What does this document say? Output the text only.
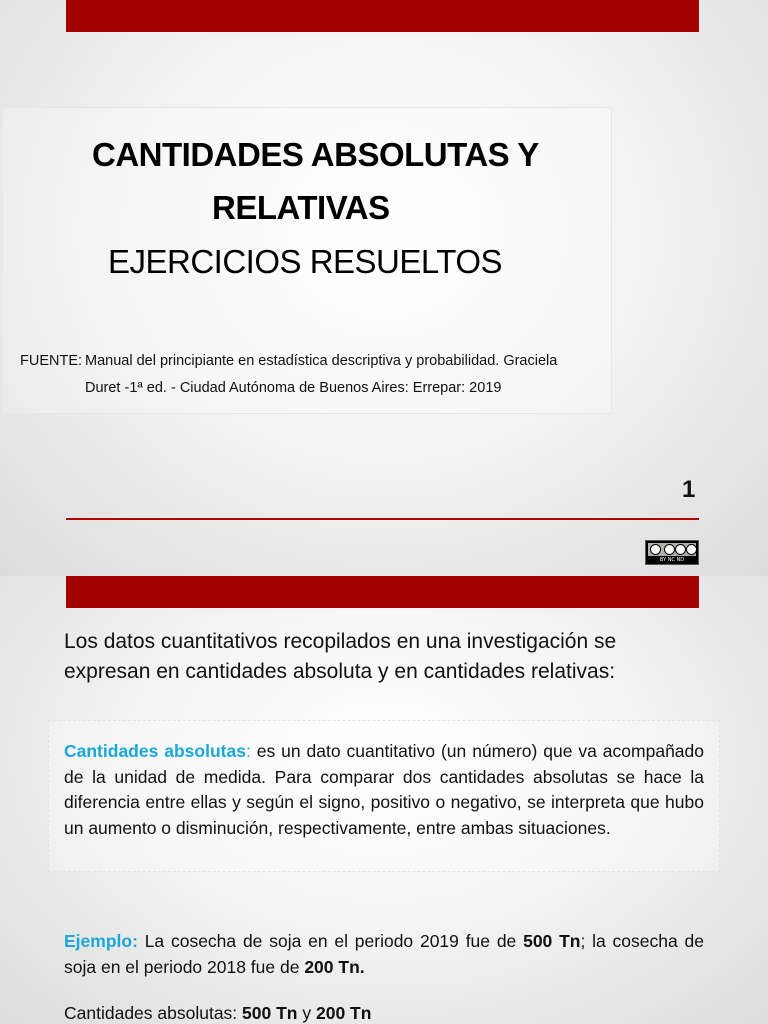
CANTIDADES ABSOLUTAS Y
RELATIVAS
EJERCICIOS RESUELTOS
FUENTE: Manual del principiante en estadística descriptiva y probabilidad. Graciela
Duret -1ª ed. - Ciudad Autónoma de Buenos Aires: Errepar: 2019
1
BY NC ND
Los datos cuantitativos recopilados en una investigación se expresan en cantidades absoluta y en cantidades relativas:
Cantidades absolutas: es un dato cuantitativo (un número) que va acompañado de la unidad de medida. Para comparar dos cantidades absolutas se hace la diferencia entre ellas y según el signo, positivo o negativo, se interpreta que hubo un aumento o disminución, respectivamente, entre ambas situaciones.
Ejemplo: La cosecha de soja en el periodo 2019 fue de 500 Tn; la cosecha de soja en el periodo 2018 fue de 200 Tn.
Cantidades absolutas: 500 Tn y 200 Tn
